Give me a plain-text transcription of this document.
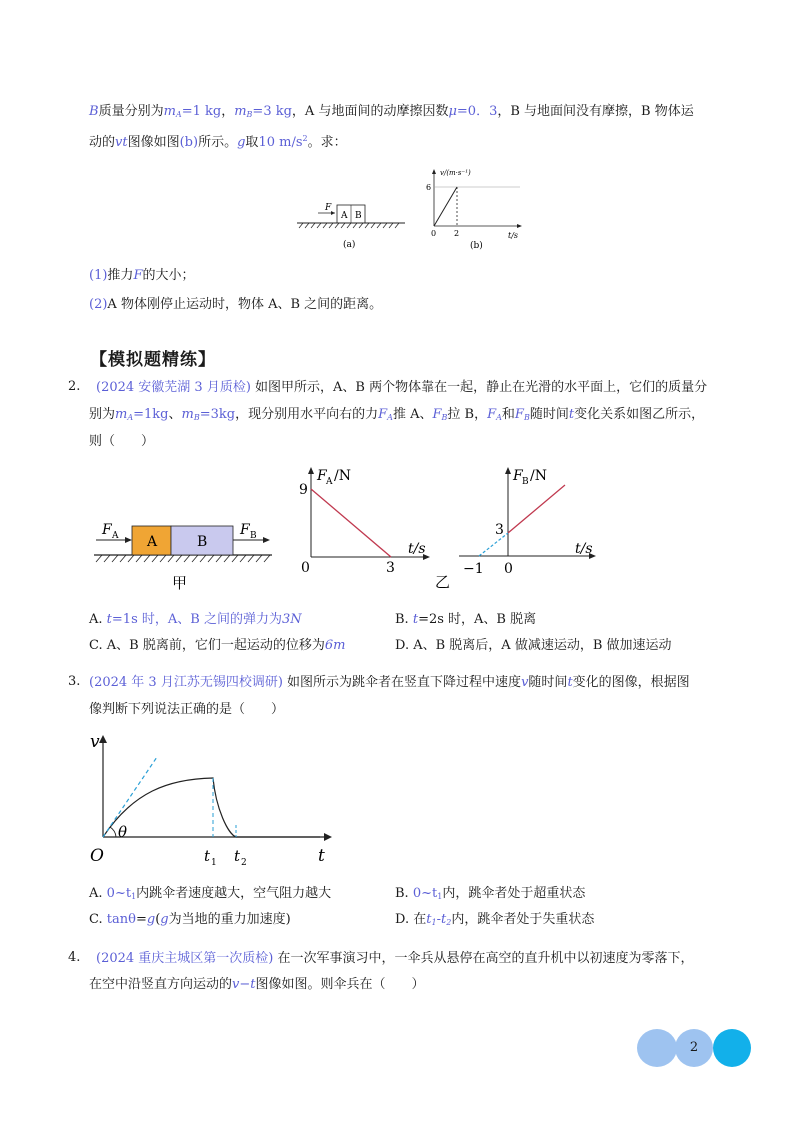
B质量分别为$m_A=1$ kg，$m_B=3$ kg，A 与地面间的动摩擦因数μ=0．3，B 与地面间没有摩擦，B 物体运
动的vt图像如图(b)所示。g取10 $m/s^2$。求：
F
A B
(a)
v/(m·s⁻¹)
6
0 2	t/s
(b)
(1)推力F的大小；
(2)A 物体刚停止运动时，物体 A、B 之间的距离。
【模拟题精练】
2. (2024 安徽芜湖 3 月质检) 如图甲所示，A、B 两个物体靠在一起，静止在光滑的水平面上，它们的质量分
别为$m_A=1kg$、$m_B=3kg$，现分别用水平向右的力$F_A$推 A、$F_B$拉 B，$F_A$和$F_B$随时间t变化关系如图乙所示，
则（　　）
A	B
F A	F B
甲
F A /N
9
0	3
t/s
F B /N
3
−1 0
t/s
乙
A. t=1s 时，A、B 之间的弹力为3N	B. t=2s 时，A、B 脱离
C. A、B 脱离前，它们一起运动的位移为6m	D. A、B 脱离后，A 做减速运动，B 做加速运动
3. (2024 年 3 月江苏无锡四校调研) 如图所示为跳伞者在竖直下降过程中速度v随时间t变化的图像，根据图
像判断下列说法正确的是（　　）
v
O
θ
t 1 t 2	t
A. $0\sim t_1$内跳伞者速度越大，空气阻力越大	B. $0\sim t_1$内，跳伞者处于超重状态
C. tanθ=g(g为当地的重力加速度)	D. 在$t_1-t_2$内，跳伞者处于失重状态
4. (2024 重庆主城区第一次质检) 在一次军事演习中，一伞兵从悬停在高空的直升机中以初速度为零落下，
在空中沿竖直方向运动的v−t图像如图。则伞兵在（　　）
2
